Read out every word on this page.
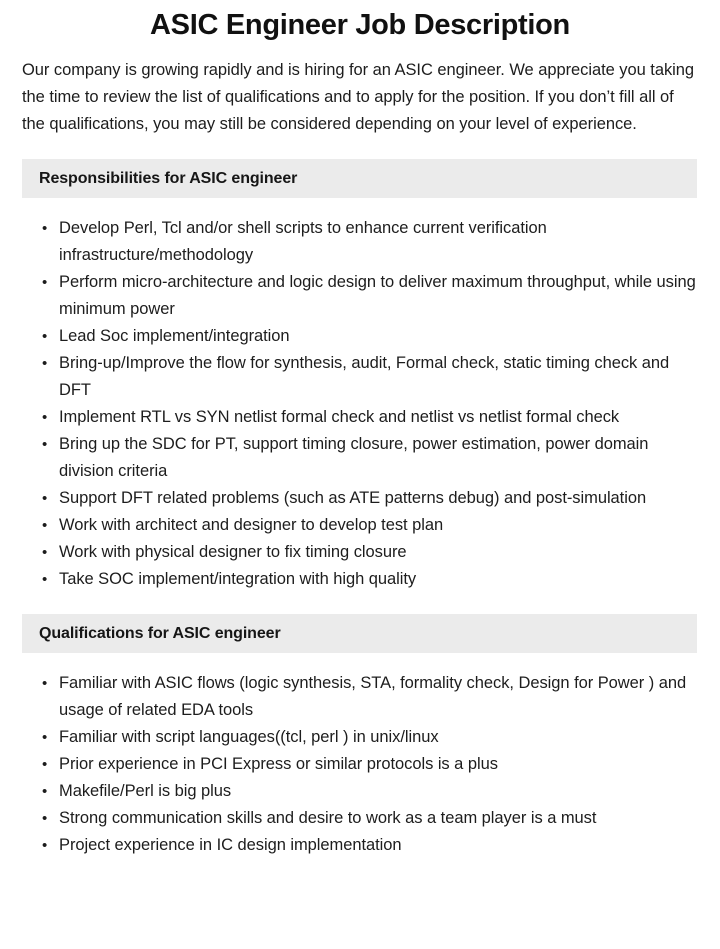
ASIC Engineer Job Description

Our company is growing rapidly and is hiring for an ASIC engineer. We appreciate you taking the time to review the list of qualifications and to apply for the position. If you don’t fill all of the qualifications, you may still be considered depending on your level of experience.

Responsibilities for ASIC engineer
• Develop Perl, Tcl and/or shell scripts to enhance current verification infrastructure/methodology
• Perform micro-architecture and logic design to deliver maximum throughput, while using minimum power
• Lead Soc implement/integration
• Bring-up/Improve the flow for synthesis, audit, Formal check, static timing check and DFT
• Implement RTL vs SYN netlist formal check and netlist vs netlist formal check
• Bring up the SDC for PT, support timing closure, power estimation, power domain division criteria
• Support DFT related problems (such as ATE patterns debug) and post-simulation
• Work with architect and designer to develop test plan
• Work with physical designer to fix timing closure
• Take SOC implement/integration with high quality
Qualifications for ASIC engineer
• Familiar with ASIC flows (logic synthesis, STA, formality check, Design for Power ) and usage of related EDA tools
• Familiar with script languages((tcl, perl ) in unix/linux
• Prior experience in PCI Express or similar protocols is a plus
• Makefile/Perl is big plus
• Strong communication skills and desire to work as a team player is a must
• Project experience in IC design implementation
